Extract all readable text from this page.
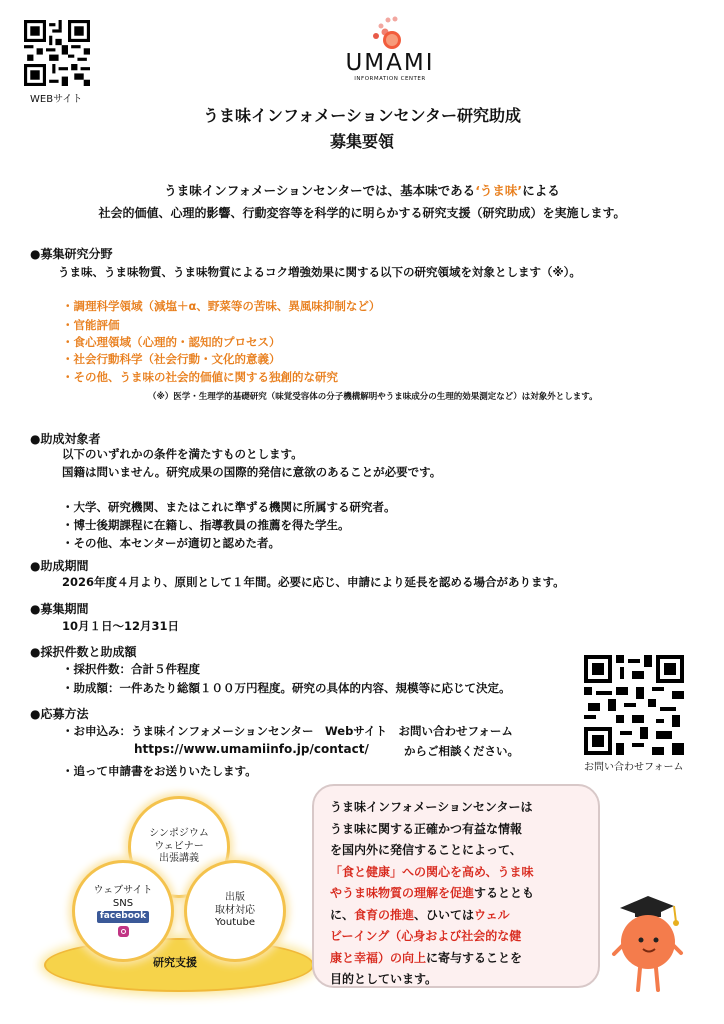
WEBサイト
UMAMI
INFORMATION CENTER
うま味インフォメーションセンター研究助成
募集要領
うま味インフォメーションセンターでは、基本味である‘うま味’による
社会的価値、心理的影響、行動変容等を科学的に明らかする研究支援（研究助成）を実施します。
●募集研究分野
うま味、うま味物質、うま味物質によるコク増強効果に関する以下の研究領域を対象とします（※）。
・調理科学領域（減塩＋α、野菜等の苦味、異風味抑制など）
・官能評価
・食心理領域（心理的・認知的プロセス）
・社会行動科学（社会行動・文化的意義）
・その他、うま味の社会的価値に関する独創的な研究
（※）医学・生理学的基礎研究（味覚受容体の分子機構解明やうま味成分の生理的効果測定など）は対象外とします。
●助成対象者
以下のいずれかの条件を満たすものとします。
国籍は問いません。研究成果の国際的発信に意欲のあることが必要です。
・大学、研究機関、またはこれに準ずる機関に所属する研究者。
・博士後期課程に在籍し、指導教員の推薦を得た学生。
・その他、本センターが適切と認めた者。
●助成期間
2026年度４月より、原則として１年間。必要に応じ、申請により延長を認める場合があります。
●募集期間
10月１日～12月31日
●採択件数と助成額
・採択件数：合計５件程度
・助成額：一件あたり総額１００万円程度。研究の具体的内容、規模等に応じて決定。
●応募方法
・お申込み：うま味インフォメーションセンター　Webサイト　お問い合わせフォーム
https://www.umamiinfo.jp/contact/	からご相談ください。
・追って申請書をお送りいたします。	お問い合わせフォーム
研究支援
シンポジウム
ウェビナー
出張講義
ウェブサイト
SNS
facebook
出版
取材対応
Youtube
うま味インフォメーションセンターは
うま味に関する正確かつ有益な情報
を国内外に発信することによって、
「食と健康」への関心を高め、うま味
やうま味物質の理解を促進するととも
に、食育の推進、ひいてはウェル
ビーイング（心身および社会的な健
康と幸福）の向上に寄与することを
目的としています。
